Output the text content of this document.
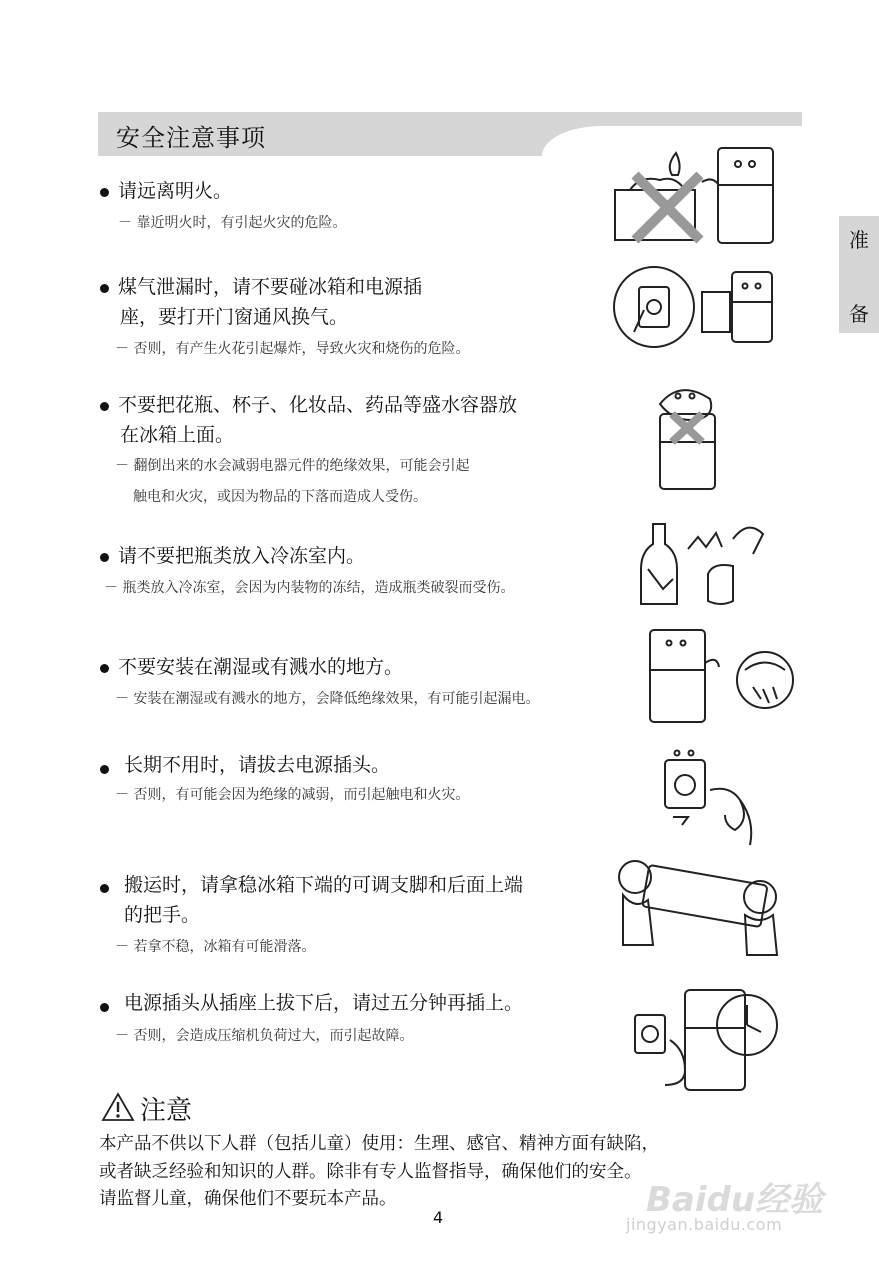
安全注意事项
准
备
请远离明火。
－ 靠近明火时，有引起火灾的危险。
煤气泄漏时，请不要碰冰箱和电源插
座，要打开门窗通风换气。
－ 否则，有产生火花引起爆炸，导致火灾和烧伤的危险。
不要把花瓶、杯子、化妆品、药品等盛水容器放
在冰箱上面。
－ 翻倒出来的水会减弱电器元件的绝缘效果，可能会引起
触电和火灾，或因为物品的下落而造成人受伤。
请不要把瓶类放入冷冻室内。
－ 瓶类放入冷冻室，会因为内装物的冻结，造成瓶类破裂而受伤。
不要安装在潮湿或有溅水的地方。
－ 安装在潮湿或有溅水的地方，会降低绝缘效果，有可能引起漏电。
长期不用时，请拔去电源插头。
－ 否则，有可能会因为绝缘的减弱，而引起触电和火灾。
搬运时，请拿稳冰箱下端的可调支脚和后面上端
的把手。
－ 若拿不稳，冰箱有可能滑落。
电源插头从插座上拔下后，请过五分钟再插上。
－ 否则，会造成压缩机负荷过大，而引起故障。
注意
本产品不供以下人群（包括儿童）使用：生理、感官、精神方面有缺陷，
或者缺乏经验和知识的人群。除非有专人监督指导，确保他们的安全。
请监督儿童，确保他们不要玩本产品。
4	Baidu经验
jingyan.baidu.com
